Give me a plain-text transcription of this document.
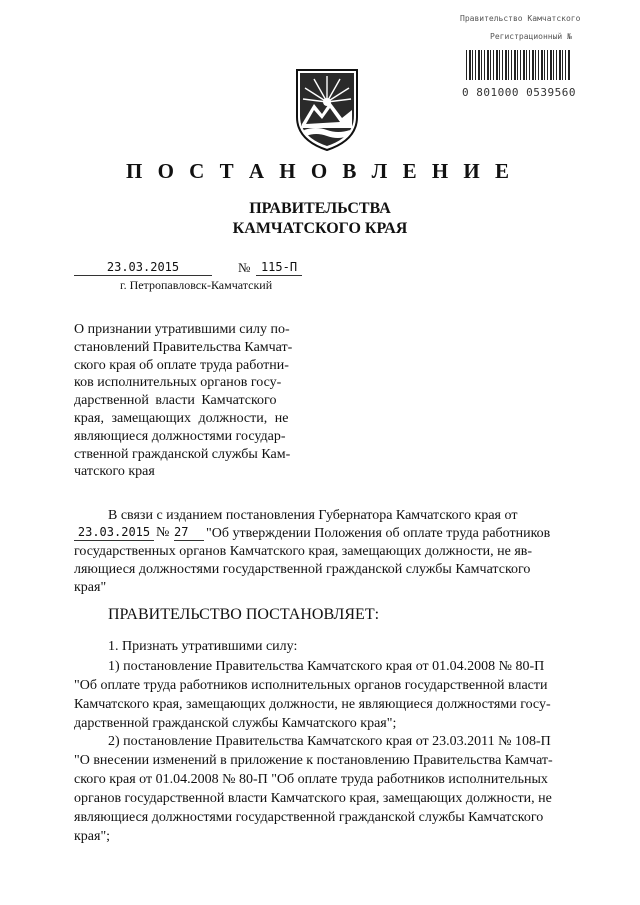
Правительство Камчатского
Регистрационный №
0 801000 0539560
П О С Т А Н О В Л Е Н И Е
ПРАВИТЕЛЬСТВА
КАМЧАТСКОГО КРАЯ
23.03.2015	№ 115-П
г. Петропавловск-Камчатский
О признании утратившими силу по-
становлений Правительства Камчат-
ского края об оплате труда работни-
ков исполнительных органов госу-
дарственной власти Камчатского
края, замещающих должности, не
являющиеся должностями государ-
ственной гражданской службы Кам-
чатского края
В связи с изданием постановления Губернатора Камчатского края от
23.03.2015 № 27	"Об утверждении Положения об оплате труда работников
государственных органов Камчатского края, замещающих должности, не яв-
ляющиеся должностями государственной гражданской службы Камчатского
края"
ПРАВИТЕЛЬСТВО ПОСТАНОВЛЯЕТ:
1. Признать утратившими силу:
1) постановление Правительства Камчатского края от 01.04.2008 № 80-П
"Об оплате труда работников исполнительных органов государственной власти
Камчатского края, замещающих должности, не являющиеся должностями госу-
дарственной гражданской службы Камчатского края";
2) постановление Правительства Камчатского края от 23.03.2011 № 108-П
"О внесении изменений в приложение к постановлению Правительства Камчат-
ского края от 01.04.2008 № 80-П "Об оплате труда работников исполнительных
органов государственной власти Камчатского края, замещающих должности, не
являющиеся должностями государственной гражданской службы Камчатского
края";
